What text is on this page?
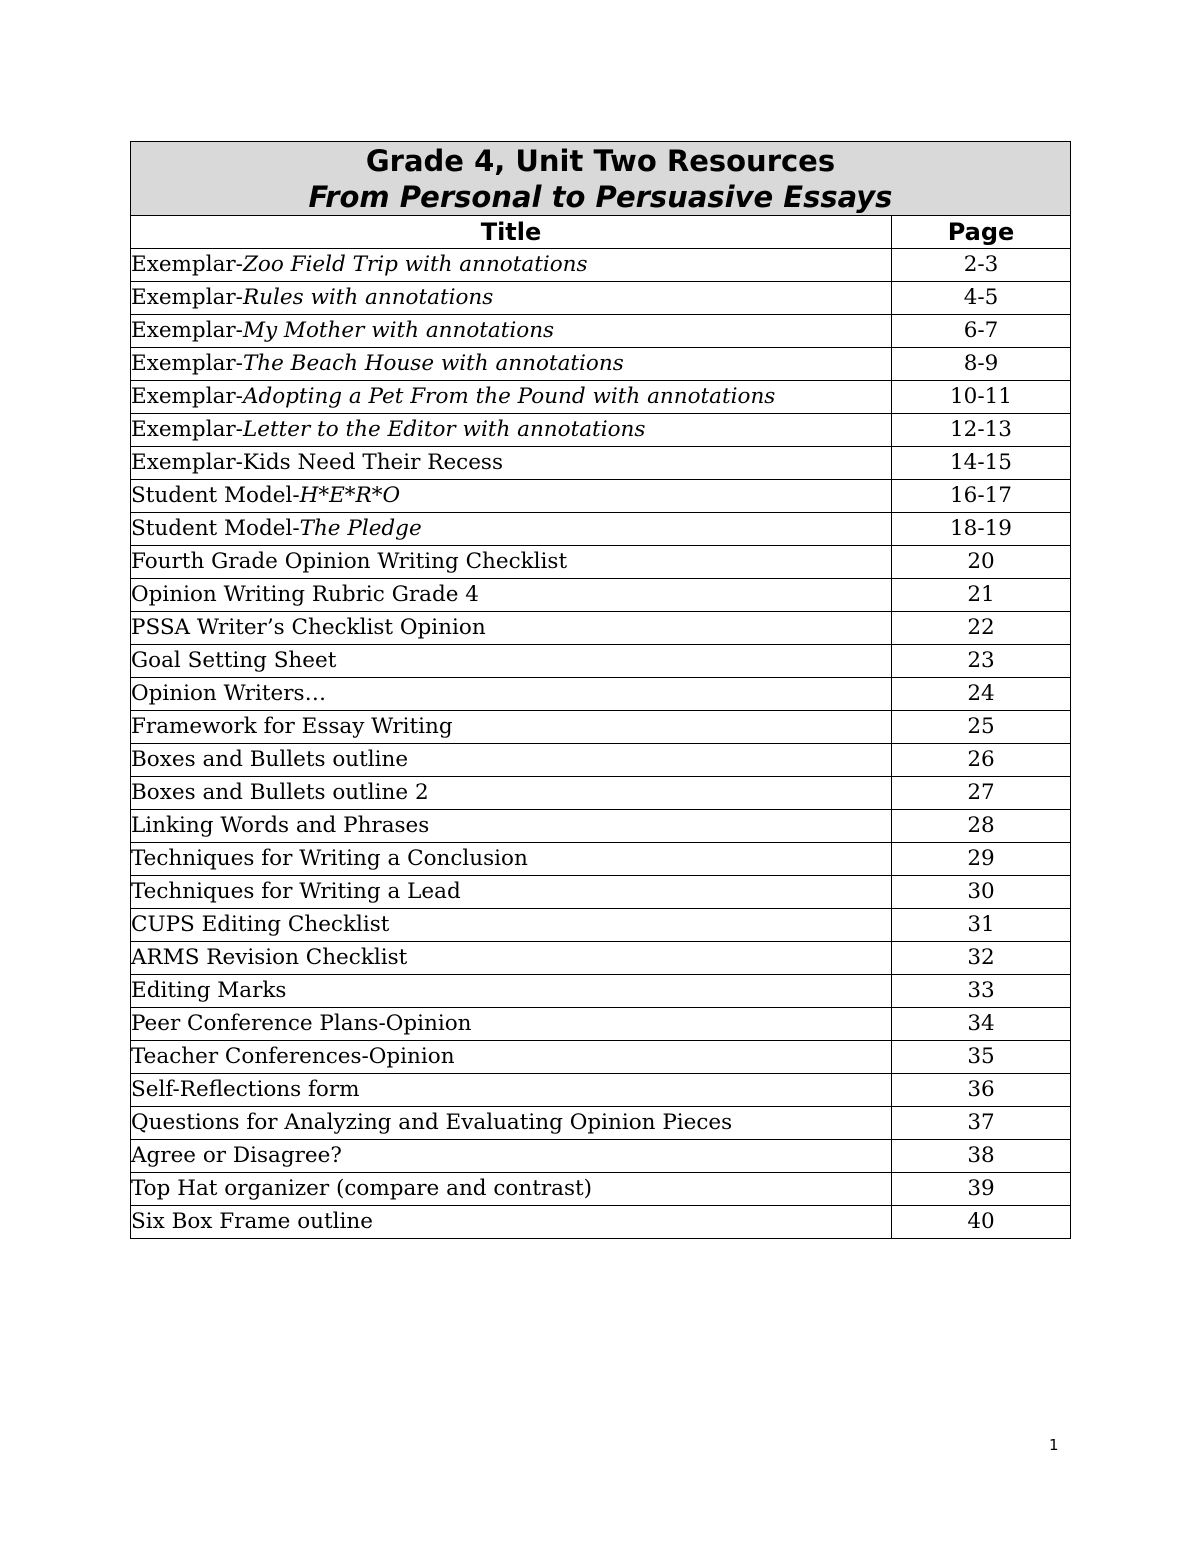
Grade 4, Unit Two Resources
From Personal to Persuasive Essays	

Title	Page
Exemplar-Zoo Field Trip with annotations	2-3
Exemplar-Rules with annotations	4-5
Exemplar-My Mother with annotations	6-7
Exemplar-The Beach House with annotations	8-9
Exemplar-Adopting a Pet From the Pound with annotations	10-11
Exemplar-Letter to the Editor with annotations	12-13
Exemplar-Kids Need Their Recess	14-15
Student Model-H*E*R*O	16-17
Student Model-The Pledge	18-19
Fourth Grade Opinion Writing Checklist	20
Opinion Writing Rubric Grade 4	21
PSSA Writer’s Checklist Opinion	22
Goal Setting Sheet	23
Opinion Writers…	24
Framework for Essay Writing	25
Boxes and Bullets outline	26
Boxes and Bullets outline 2	27
Linking Words and Phrases	28
Techniques for Writing a Conclusion	29
Techniques for Writing a Lead	30
CUPS Editing Checklist	31
ARMS Revision Checklist	32
Editing Marks	33
Peer Conference Plans-Opinion	34
Teacher Conferences-Opinion	35
Self-Reflections form	36
Questions for Analyzing and Evaluating Opinion Pieces	37
Agree or Disagree?	38
Top Hat organizer (compare and contrast)	39
Six Box Frame outline	40
1
